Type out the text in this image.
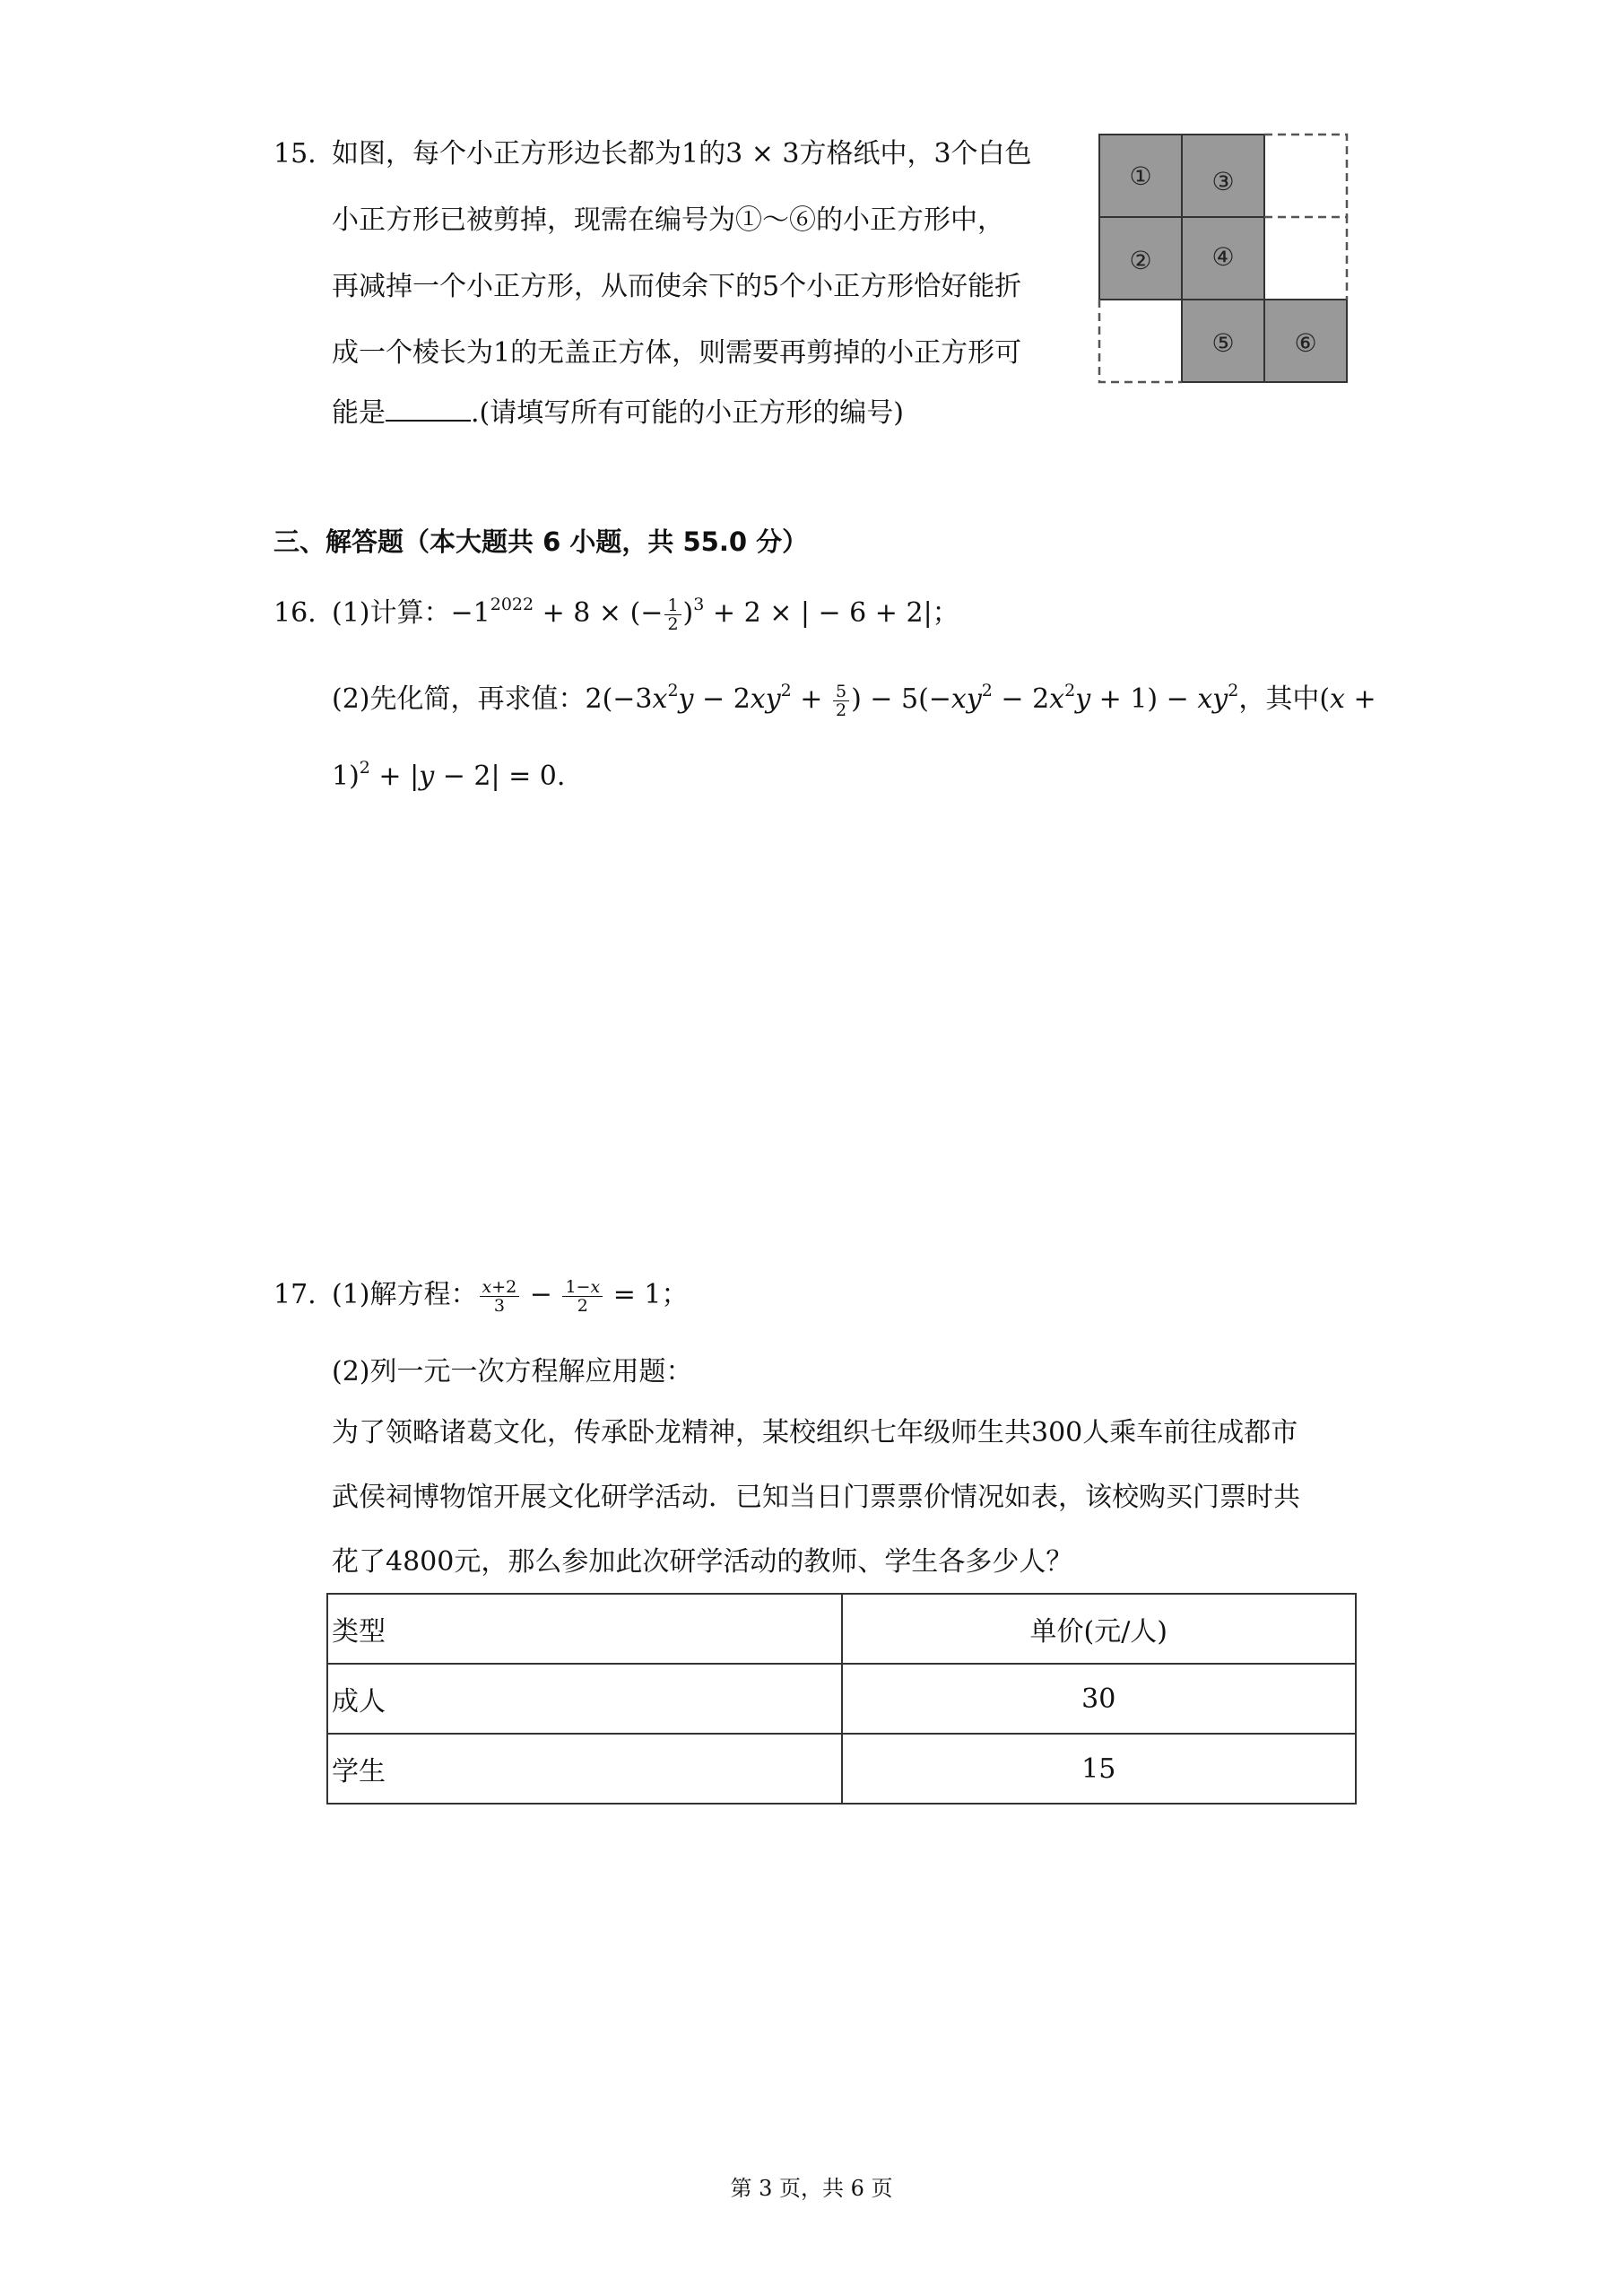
15. 如图，每个小正方形边长都为1的3 × 3方格纸中，3个白色
小正方形已被剪掉，现需在编号为①～⑥的小正方形中，
再减掉一个小正方形，从而使余下的5个小正方形恰好能折
成一个棱长为1的无盖正方体，则需要再剪掉的小正方形可
能是	.(请填写所有可能的小正方形的编号)
① ③
② ④
⑤ ⑥
三、解答题（本大题共 6 小题，共 55.0 分）
16. (1)计算：$-1^{2022} + 8$ × (− $\frac{1}{2} )^3 + 2$ × | − 6 + 2|；
(2)先化简，再求值：$2(-3x^2y - 2xy^2 + \frac{5}{2}$ ) − $5(-xy^2 - 2x^2y + 1) - xy^2$，其中(x +
1)$^2$ + |y − 2| = 0.
17. (1)解方程： $\frac{x+2}{3} - \frac{1-x}{2} = 1$；
(2)列一元一次方程解应用题：
为了领略诸葛文化，传承卧龙精神，某校组织七年级师生共300人乘车前往成都市
武侯祠博物馆开展文化研学活动．已知当日门票票价情况如表，该校购买门票时共
花了4800元，那么参加此次研学活动的教师、学生各多少人？
类型	单价(元/人)
成人	30
学生	15
第 3 页，共 6 页
